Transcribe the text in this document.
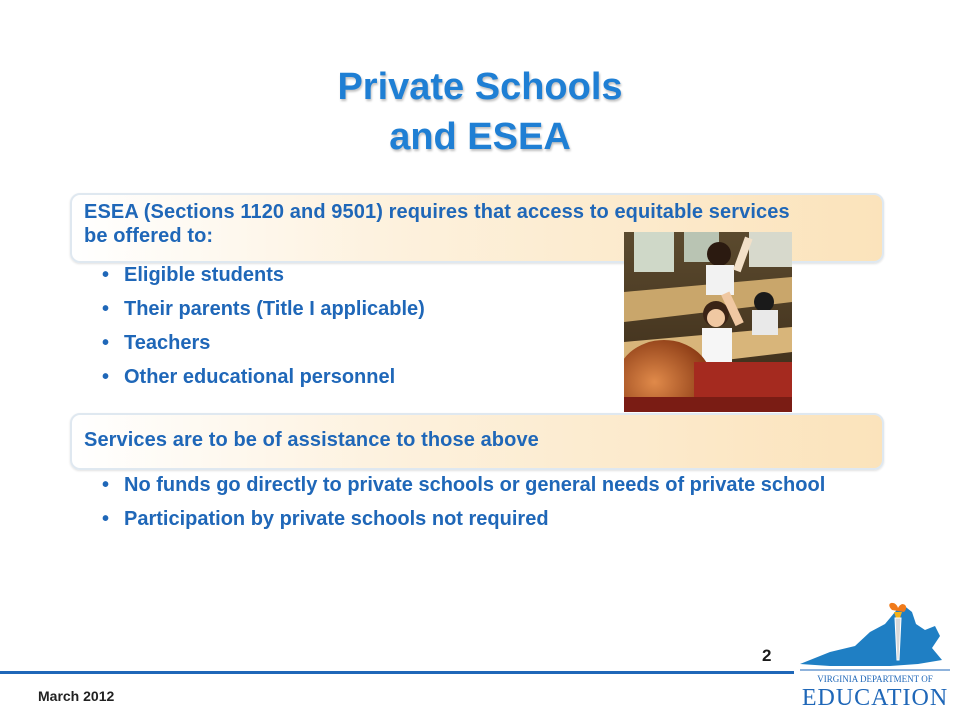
Private Schools
and ESEA
ESEA (Sections 1120 and 9501) requires that access to equitable services be offered to:
• Eligible students
• Their parents (Title I applicable)
• Teachers
• Other educational personnel
Services are to be of assistance to those above
• No funds go directly to private schools or general needs of private school
• Participation by private schools not required
2
March 2012
VIRGINIA DEPARTMENT OF
EDUCATION
